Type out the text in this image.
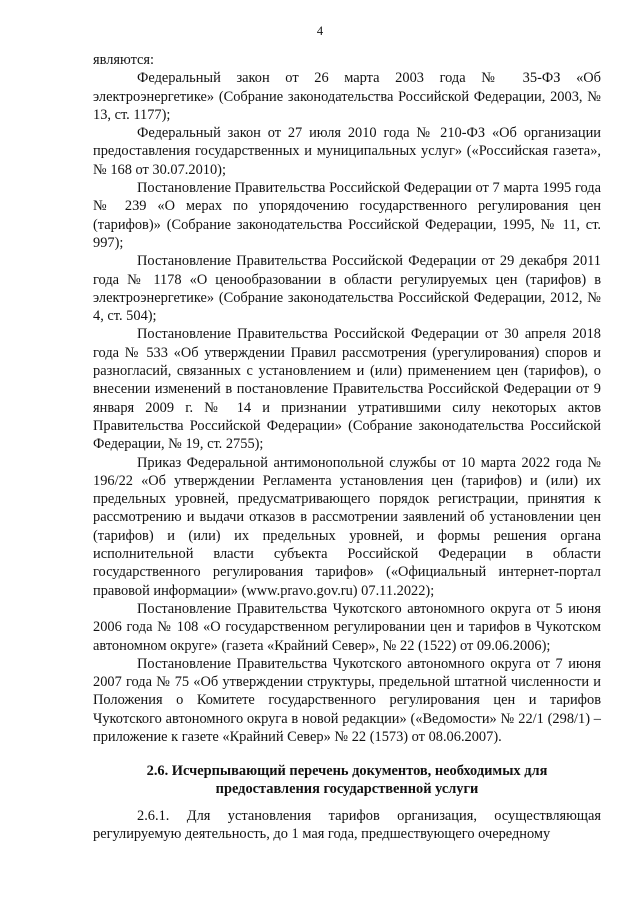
4

являются:

Федеральный закон от 26 марта 2003 года № 35-ФЗ «Об электроэнергетике» (Собрание законодательства Российской Федерации, 2003, № 13, ст. 1177);

Федеральный закон от 27 июля 2010 года № 210-ФЗ «Об организации предоставления государственных и муниципальных услуг» («Российская газета», № 168 от 30.07.2010);

Постановление Правительства Российской Федерации от 7 марта 1995 года № 239 «О мерах по упорядочению государственного регулирования цен (тарифов)» (Собрание законодательства Российской Федерации, 1995, № 11, ст. 997);

Постановление Правительства Российской Федерации от 29 декабря 2011 года № 1178 «О ценообразовании в области регулируемых цен (тарифов) в электроэнергетике» (Собрание законодательства Российской Федерации, 2012, № 4, ст. 504);

Постановление Правительства Российской Федерации от 30 апреля 2018 года № 533 «Об утверждении Правил рассмотрения (урегулирования) споров и разногласий, связанных с установлением и (или) применением цен (тарифов), о внесении изменений в постановление Правительства Российской Федерации от 9 января 2009 г. № 14 и признании утратившими силу некоторых актов Правительства Российской Федерации» (Собрание законодательства Российской Федерации, № 19, ст. 2755);

Приказ Федеральной антимонопольной службы от 10 марта 2022 года № 196/22 «Об утверждении Регламента установления цен (тарифов) и (или) их предельных уровней, предусматривающего порядок регистрации, принятия к рассмотрению и выдачи отказов в рассмотрении заявлений об установлении цен (тарифов) и (или) их предельных уровней, и формы решения органа исполнительной власти субъекта Российской Федерации в области государственного регулирования тарифов» («Официальный интернет-портал правовой информации» (www.pravo.gov.ru) 07.11.2022);

Постановление Правительства Чукотского автономного округа от 5 июня 2006 года № 108 «О государственном регулировании цен и тарифов в Чукотском автономном округе» (газета «Крайний Север», № 22 (1522) от 09.06.2006);

Постановление Правительства Чукотского автономного округа от 7 июня 2007 года № 75 «Об утверждении структуры, предельной штатной численности и Положения о Комитете государственного регулирования цен и тарифов Чукотского автономного округа в новой редакции» («Ведомости» № 22/1 (298/1) – приложение к газете «Крайний Север» № 22 (1573) от 08.06.2007).

2.6. Исчерпывающий перечень документов, необходимых для предоставления государственной услуги

2.6.1. Для установления тарифов организация, осуществляющая регулируемую деятельность, до 1 мая года, предшествующего очередному
